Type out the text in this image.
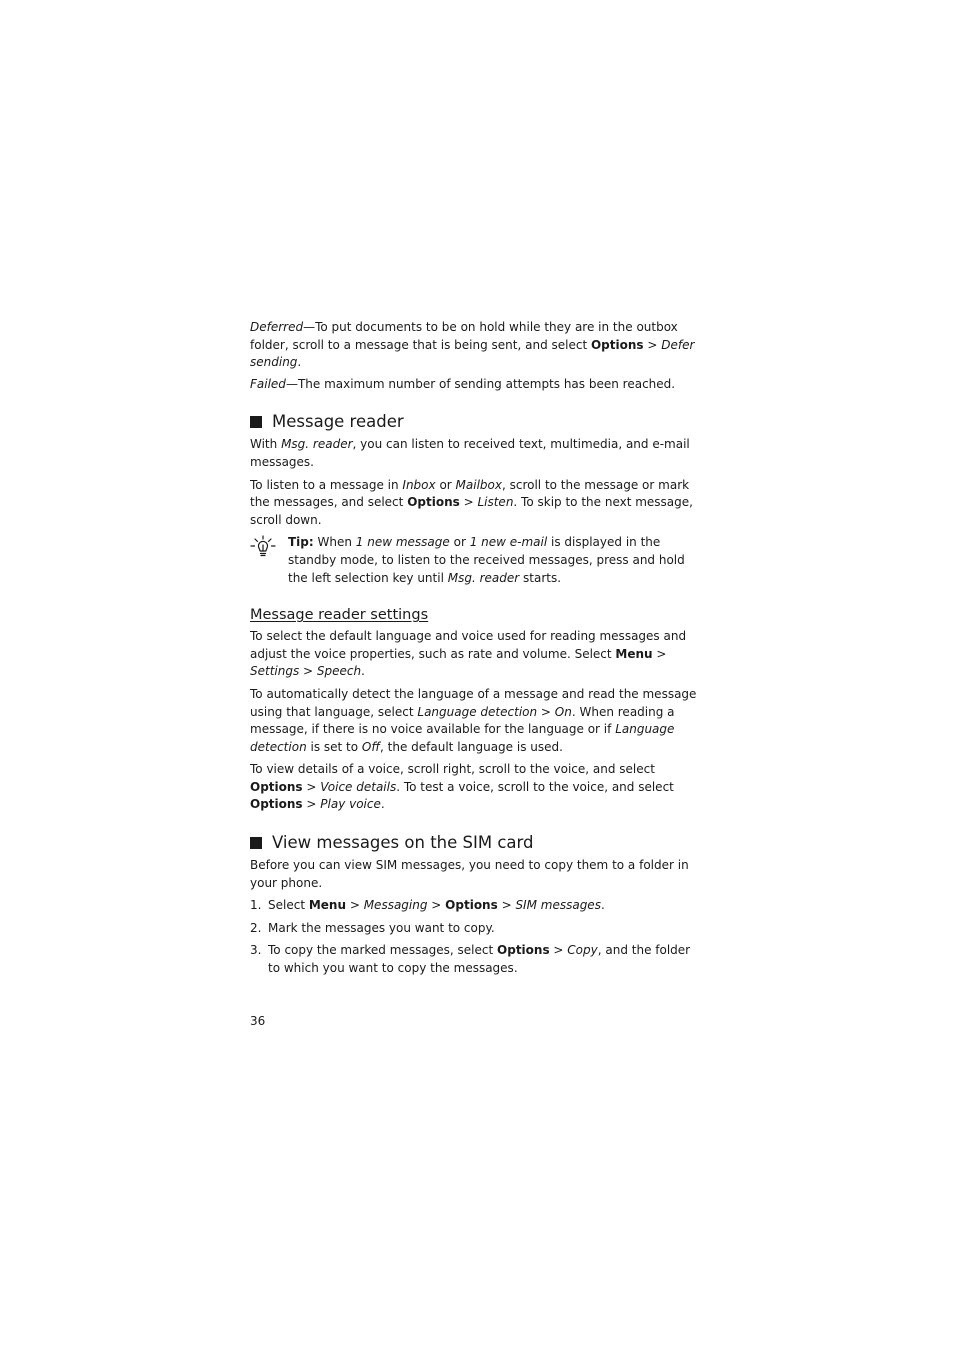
Deferred—To put documents to be on hold while they are in the outbox folder, scroll to a message that is being sent, and select Options > Defer sending.

Failed—The maximum number of sending attempts has been reached.

Message reader

With Msg. reader, you can listen to received text, multimedia, and e-mail messages.

To listen to a message in Inbox or Mailbox, scroll to the message or mark the messages, and select Options > Listen. To skip to the next message, scroll down.

Tip: When 1 new message or 1 new e-mail is displayed in the standby mode, to listen to the received messages, press and hold the left selection key until Msg. reader starts.

Message reader settings

To select the default language and voice used for reading messages and adjust the voice properties, such as rate and volume. Select Menu > Settings > Speech.

To automatically detect the language of a message and read the message using that language, select Language detection > On. When reading a message, if there is no voice available for the language or if Language detection is set to Off, the default language is used.

To view details of a voice, scroll right, scroll to the voice, and select Options > Voice details. To test a voice, scroll to the voice, and select Options > Play voice.

View messages on the SIM card

Before you can view SIM messages, you need to copy them to a folder in your phone.

1. Select Menu > Messaging > Options > SIM messages.
2. Mark the messages you want to copy.
3. To copy the marked messages, select Options > Copy, and the folder to which you want to copy the messages.
36
